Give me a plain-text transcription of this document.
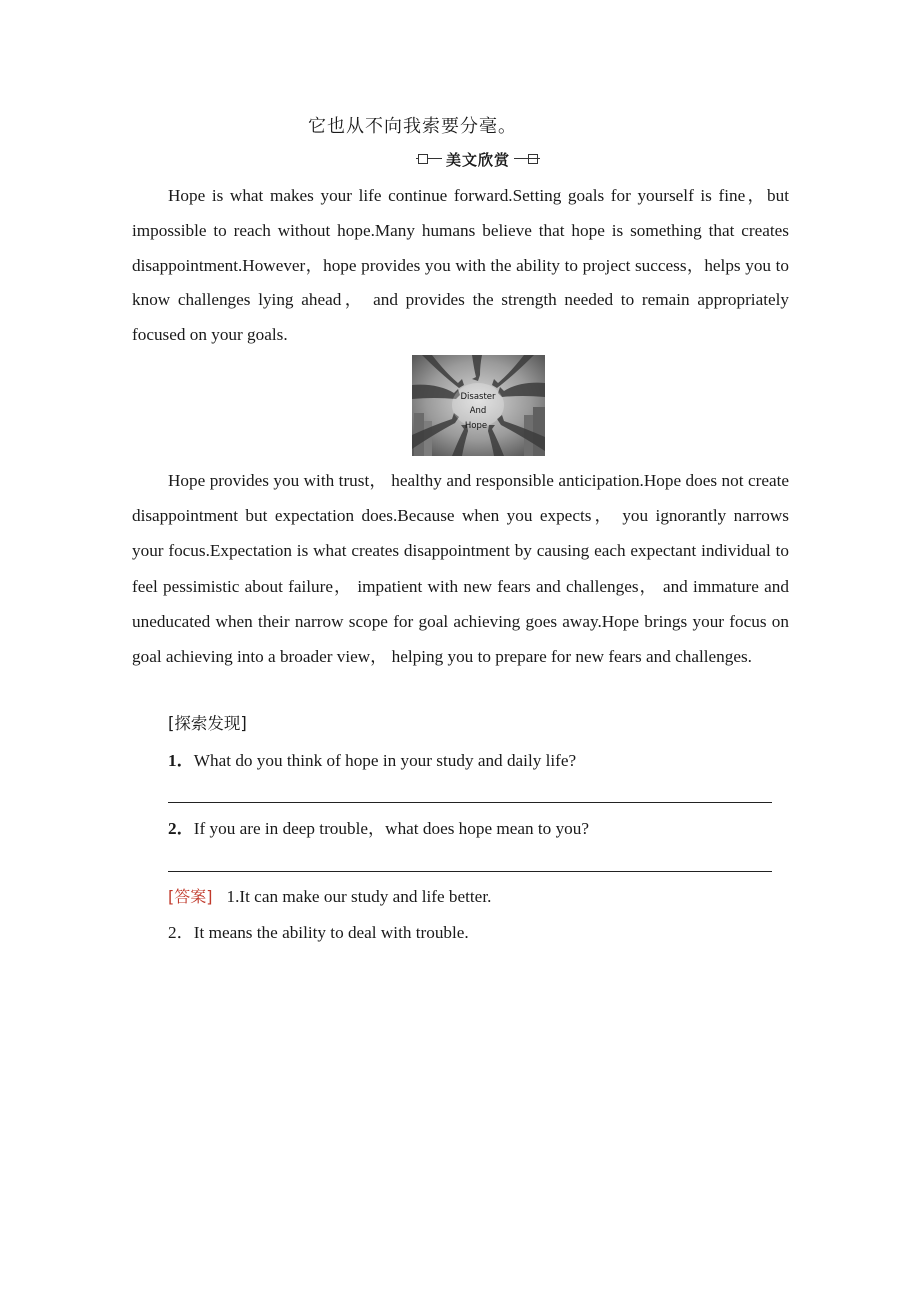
它也从不向我索要分毫。
美文欣赏

Hope is what makes your life continue forward.Setting goals for yourself is fine，but impossible to reach without hope.Many humans believe that hope is something that creates disappointment.However，hope provides you with the ability to project success，helps you to know challenges lying ahead， and provides the strength needed to remain appropriately focused on your goals.

Disaster
And
Hope

Hope provides you with trust， healthy and responsible anticipation.Hope does not create disappointment but expectation does.Because when you expects， you ignorantly narrows your focus.Expectation is what creates disappointment by causing each expectant individual to feel pessimistic about failure， impatient with new fears and challenges， and immature and uneducated when their narrow scope for goal achieving goes away.Hope brings your focus on goal achieving into a broader view， helping you to prepare for new fears and challenges.

[探索发现]
1．What do you think of hope in your study and daily life?
2．If you are in deep trouble，what does hope mean to you?
[答案] 1.It can make our study and life better.
2．It means the ability to deal with trouble.
